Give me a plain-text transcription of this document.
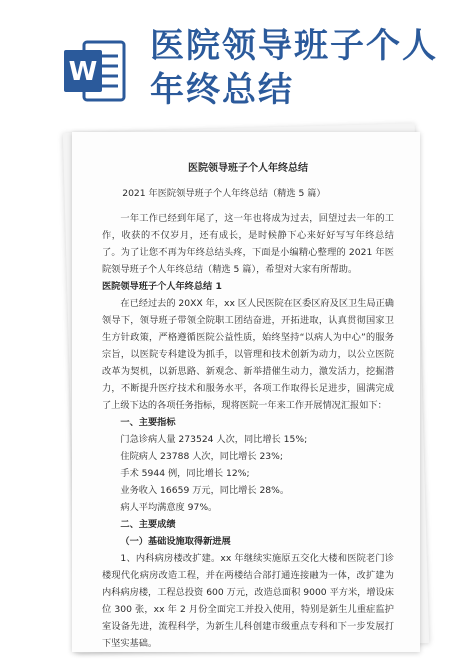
W
医院领导班子个人
年终总结
医院领导班子个人年终总结
2021 年医院领导班子个人年终总结（精选 5 篇）

一年工作已经到年尾了，这一年也将成为过去，回望过去一年的工作，收获的不仅岁月，还有成长，是时候静下心来好好写写年终总结了。为了让您不再为年终总结头疼，下面是小编精心整理的 2021 年医院领导班子个人年终总结（精选 5 篇），希望对大家有所帮助。

医院领导班子个人年终总结 1

在已经过去的 20XX 年，xx 区人民医院在区委区府及区卫生局正确领导下，领导班子带领全院职工团结奋进，开拓进取，认真贯彻国家卫生方针政策，严格遵循医院公益性质，始终坚持“以病人为中心”的服务宗旨，以医院专科建设为抓手，以管理和技术创新为动力，以公立医院改革为契机，以新思路、新观念、新举措催生动力，激发活力，挖掘潜力，不断提升医疗技术和服务水平，各项工作取得长足进步，圆满完成了上级下达的各项任务指标，现将医院一年来工作开展情况汇报如下：

一、主要指标

门急诊病人量 273524 人次，同比增长 15%;

住院病人 23788 人次，同比增长 23%;

手术 5944 例，同比增长 12%;

业务收入 16659 万元，同比增长 28%。

病人平均满意度 97%。

二、主要成绩

（一）基础设施取得新进展

1、内科病房楼改扩建。xx 年继续实施原五交化大楼和医院老门诊楼现代化病房改造工程，并在两楼结合部打通连接融为一体，改扩建为内科病房楼，工程总投资 600 万元，改造总面积 9000 平方米，增设床位 300 张，xx 年 2 月份全面完工并投入使用，特别是新生儿重症监护室设备先进，流程科学，为新生儿科创建市级重点专科和下一步发展打下坚实基础。
